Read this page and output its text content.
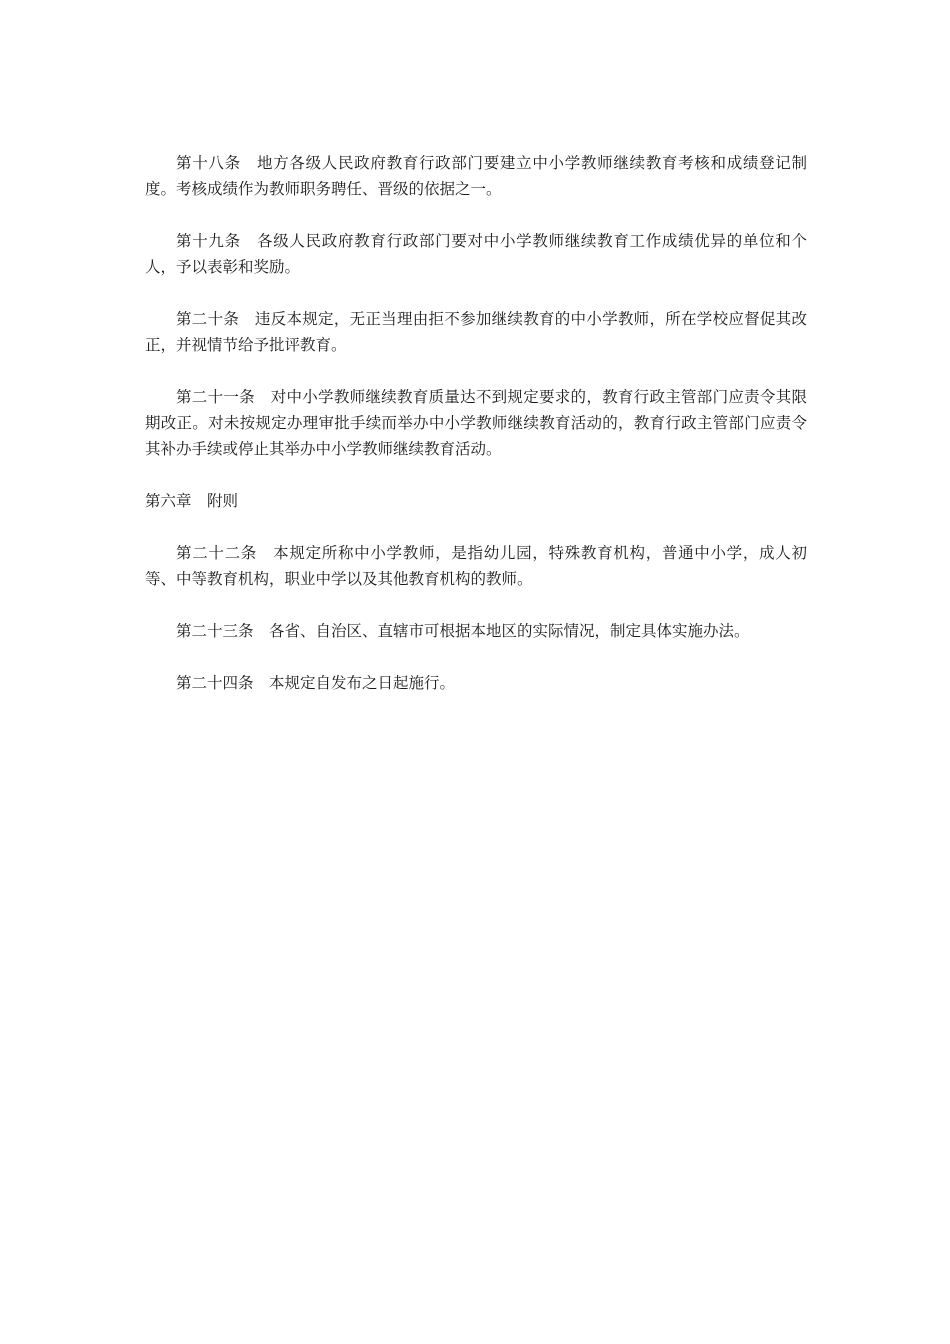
第十八条 地方各级人民政府教育行政部门要建立中小学教师继续教育考核和成绩登记制度。考核成绩作为教师职务聘任、晋级的依据之一。

第十九条 各级人民政府教育行政部门要对中小学教师继续教育工作成绩优异的单位和个人，予以表彰和奖励。

第二十条 违反本规定，无正当理由拒不参加继续教育的中小学教师，所在学校应督促其改正，并视情节给予批评教育。

第二十一条 对中小学教师继续教育质量达不到规定要求的，教育行政主管部门应责令其限期改正。对未按规定办理审批手续而举办中小学教师继续教育活动的，教育行政主管部门应责令其补办手续或停止其举办中小学教师继续教育活动。

第六章 附则

第二十二条 本规定所称中小学教师，是指幼儿园，特殊教育机构，普通中小学，成人初等、中等教育机构，职业中学以及其他教育机构的教师。

第二十三条 各省、自治区、直辖市可根据本地区的实际情况，制定具体实施办法。

第二十四条 本规定自发布之日起施行。
